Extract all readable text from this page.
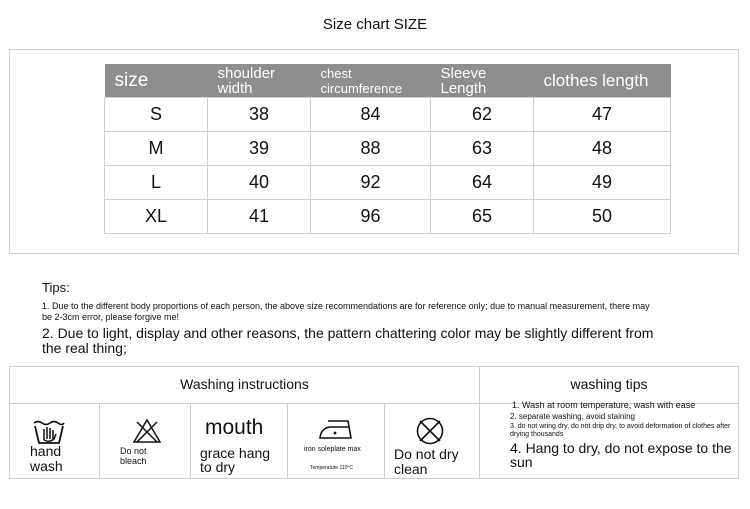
Size chart SIZE
size	shoulder width	chest circumference	Sleeve Length	clothes length
S	38	84	62	47
M	39	88	63	48
L	40	92	64	49
XL	41	96	65	50
Tips:
1. Due to the different body proportions of each person, the above size recommendations are for reference only; due to manual measurement, there may be 2-3cm error, please forgive me!
2. Due to light, display and other reasons, the pattern chattering color may be slightly different from the real thing;
Washing instructions	washing tips
hand wash
Do not bleach
mouth
grace hang to dry
iron soleplate max
Temperature 110°C
Do not dry clean
1. Wash at room temperature, wash with ease
2. separate washing, avoid staining
3. do not wring dry, do not drip dry, to avoid deformation of clothes after drying thousands
4. Hang to dry, do not expose to the sun
